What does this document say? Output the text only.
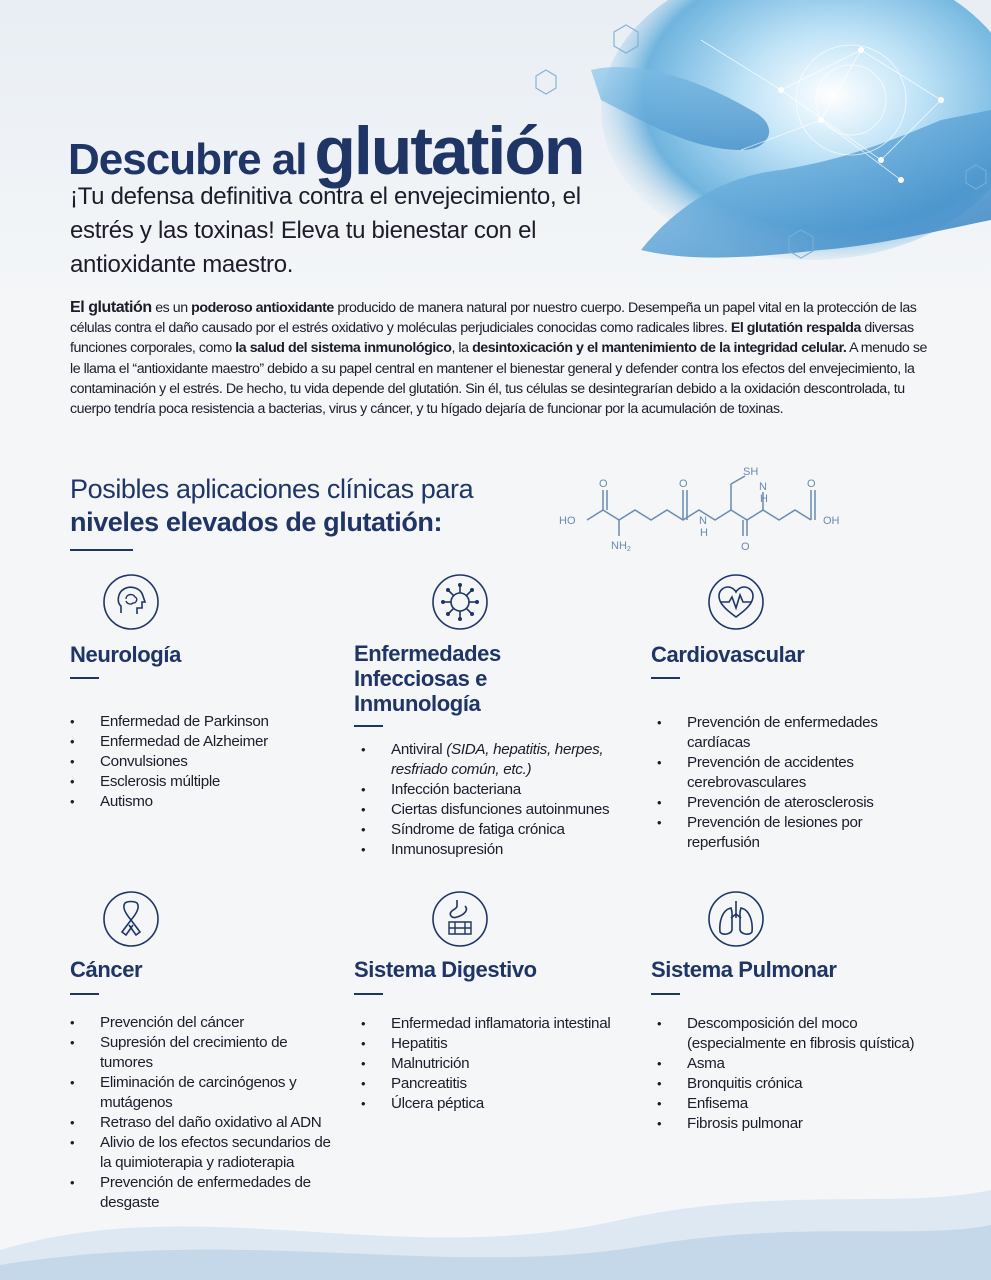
Descubre al glutatión

¡Tu defensa definitiva contra el envejecimiento, el estrés y las toxinas! Eleva tu bienestar con el antioxidante maestro.

El glutatión es un poderoso antioxidante producido de manera natural por nuestro cuerpo. Desempeña un papel vital en la protección de las células contra el daño causado por el estrés oxidativo y moléculas perjudiciales conocidas como radicales libres. El glutatión respalda diversas funciones corporales, como la salud del sistema inmunológico, la desintoxicación y el mantenimiento de la integridad celular. A menudo se le llama el “antioxidante maestro” debido a su papel central en mantener el bienestar general y defender contra los efectos del envejecimiento, la contaminación y el estrés. De hecho, tu vida depende del glutatión. Sin él, tus células se desintegrarían debido a la oxidación descontrolada, tu cuerpo tendría poca resistencia a bacterias, virus y cáncer, y tu hígado dejaría de funcionar por la acumulación de toxinas.

Posibles aplicaciones clínicas para
niveles elevados de glutatión:	HO
O
NH2
O
N
H
O
SH
N
H
O
OH
Neurología
• Enfermedad de Parkinson
• Enfermedad de Alzheimer
• Convulsiones
• Esclerosis múltiple
• Autismo
Enfermedades
Infecciosas e
Inmunología
• Antiviral (SIDA, hepatitis, herpes, resfriado común, etc.)
• Infección bacteriana
• Ciertas disfunciones autoinmunes
• Síndrome de fatiga crónica
• Inmunosupresión
Cardiovascular
• Prevención de enfermedades cardíacas
• Prevención de accidentes cerebrovasculares
• Prevención de aterosclerosis
• Prevención de lesiones por reperfusión
Cáncer
• Prevención del cáncer
• Supresión del crecimiento de tumores
• Eliminación de carcinógenos y mutágenos
• Retraso del daño oxidativo al ADN
• Alivio de los efectos secundarios de la quimioterapia y radioterapia
• Prevención de enfermedades de desgaste
Sistema Digestivo
• Enfermedad inflamatoria intestinal
• Hepatitis
• Malnutrición
• Pancreatitis
• Úlcera péptica
Sistema Pulmonar
• Descomposición del moco (especialmente en fibrosis quística)
• Asma
• Bronquitis crónica
• Enfisema
• Fibrosis pulmonar
